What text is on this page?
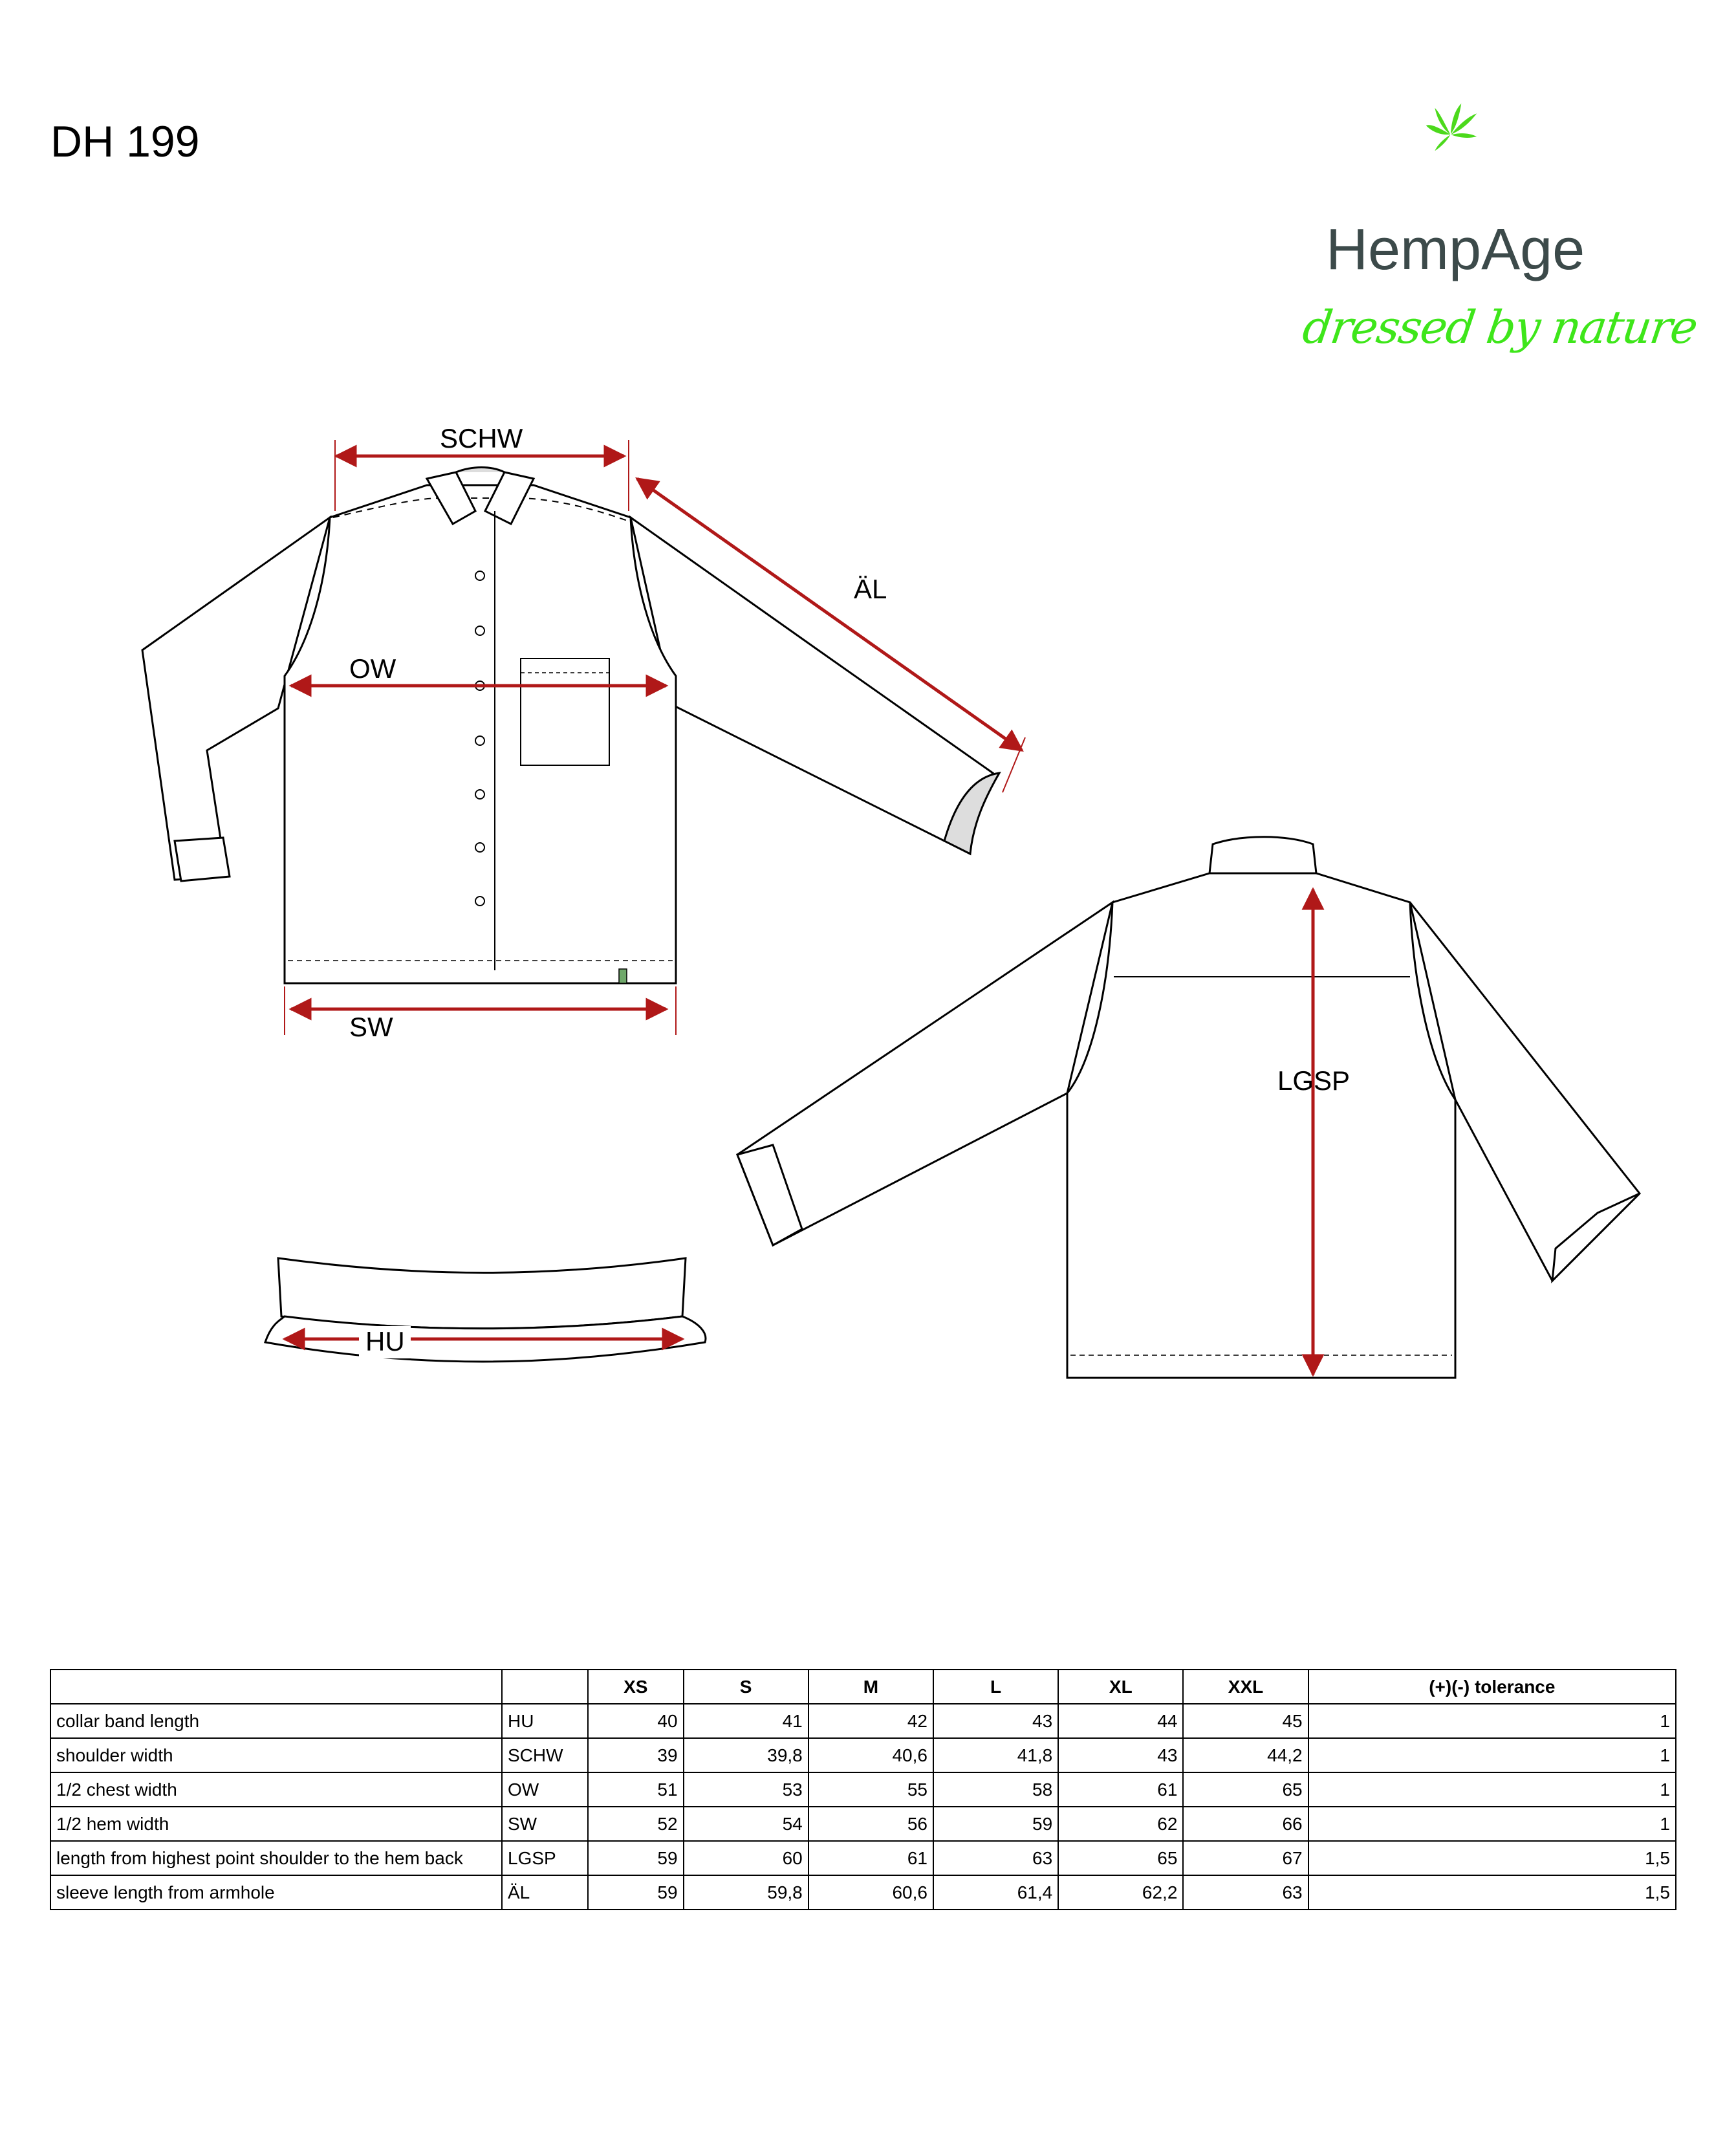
DH 199
HempAge
dressed by nature
SCHW
ÄL
OW
SW
LGSP
HU
		XS	S	M	L	XL	XXL	(+)(-) tolerance
collar band length	HU	40	41	42	43	44	45	1
shoulder width	SCHW	39	39,8	40,6	41,8	43	44,2	1
1/2 chest width	OW	51	53	55	58	61	65	1
1/2 hem width	SW	52	54	56	59	62	66	1
length from highest point shoulder to the hem back	LGSP	59	60	61	63	65	67	1,5
sleeve length from armhole	ÄL	59	59,8	60,6	61,4	62,2	63	1,5
